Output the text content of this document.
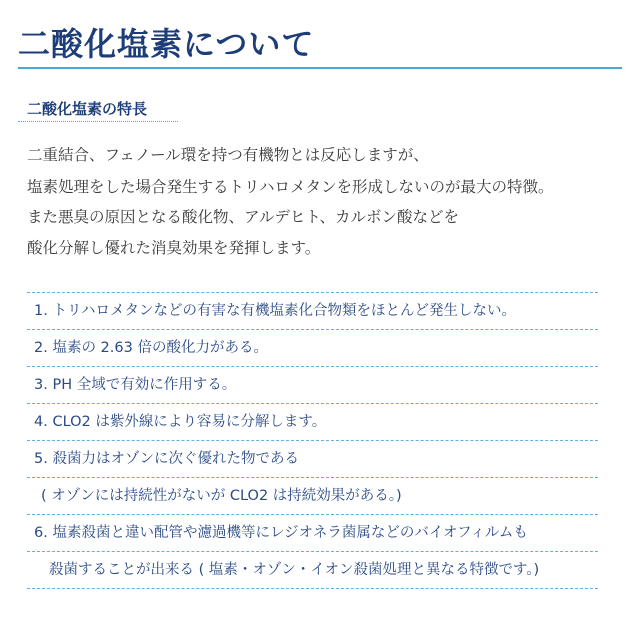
二酸化塩素について
二酸化塩素の特長

二重結合、フェノール環を持つ有機物とは反応しますが、

塩素処理をした場合発生するトリハロメタンを形成しないのが最大の特徴。

また悪臭の原因となる酸化物、アルデヒト、カルボン酸などを

酸化分解し優れた消臭効果を発揮します。

1. トリハロメタンなどの有害な有機塩素化合物類をほとんど発生しない。
2. 塩素の 2.63 倍の酸化力がある。
3. PH 全域で有効に作用する。
4. CLO2 は紫外線により容易に分解します。
5. 殺菌力はオゾンに次ぐ優れた物である
( オゾンには持続性がないが CLO2 は持続効果がある。)
6. 塩素殺菌と違い配管や濾過機等にレジオネラ菌属などのバイオフィルムも
殺菌することが出来る ( 塩素・オゾン・イオン殺菌処理と異なる特徴です。)
